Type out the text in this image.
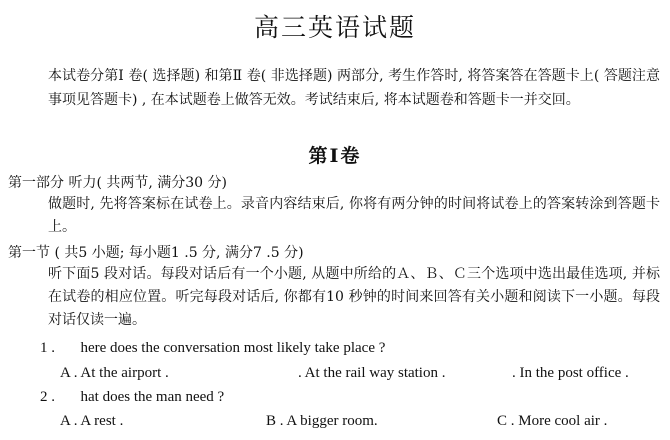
高三英语试题
本试卷分第Ⅰ 卷( 选择题) 和第Ⅱ 卷( 非选择题) 两部分, 考生作答时, 将答案答在答题卡上( 答题注意事项见答题卡) , 在本试题卷上做答无效。考试结束后, 将本试题卷和答题卡一并交回。
第Ⅰ卷
第一部分 听力( 共两节, 满分30 分)
做题时, 先将答案标在试卷上。录音内容结束后, 你将有两分钟的时间将试卷上的答案转涂到答题卡上。
第一节 ( 共5 小题; 每小题1 .5 分, 满分7 .5 分)
听下面5 段对话。每段对话后有一个小题, 从题中所给的Ａ、Ｂ、Ｃ三个选项中选出最佳选项, 并标在试卷的相应位置。听完每段对话后, 你都有10 秒钟的时间来回答有关小题和阅读下一小题。每段对话仅读一遍。
1 . here does the conversation most likely take place ?
A . At the airport .	. At the rail way station .	. In the post office .
2 . hat does the man need ?
A . A rest .	B . A bigger room.	C . More cool air .
